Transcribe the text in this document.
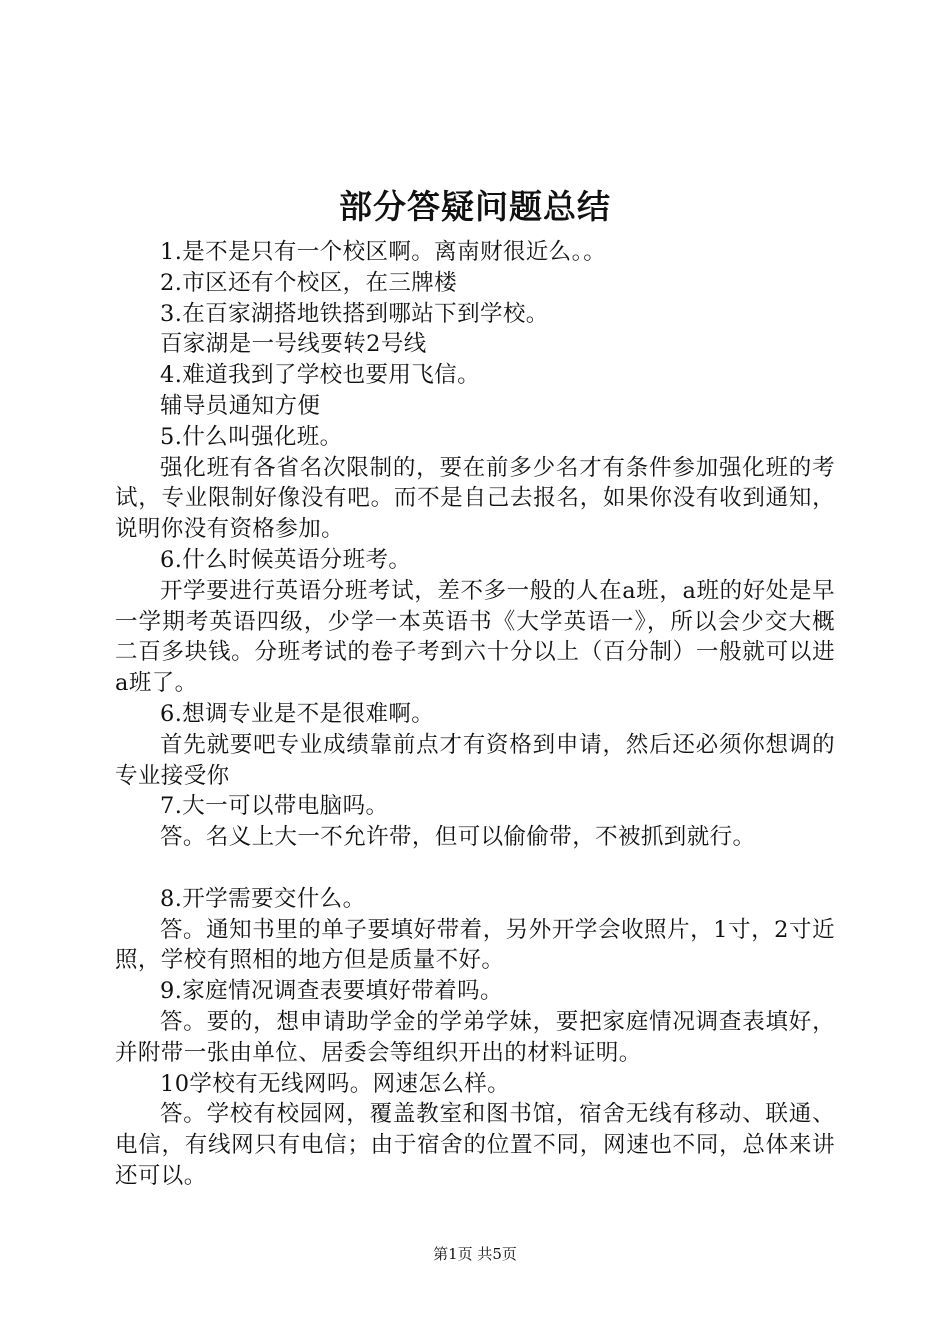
部分答疑问题总结

1.是不是只有一个校区啊。离南财很近么。。

2.市区还有个校区，在三牌楼

3.在百家湖搭地铁搭到哪站下到学校。

百家湖是一号线要转2号线

4.难道我到了学校也要用飞信。

辅导员通知方便

5.什么叫强化班。

强化班有各省名次限制的，要在前多少名才有条件参加强化班的考试，专业限制好像没有吧。而不是自己去报名，如果你没有收到通知，说明你没有资格参加。

6.什么时候英语分班考。

开学要进行英语分班考试，差不多一般的人在a班，a班的好处是早一学期考英语四级，少学一本英语书《大学英语一》，所以会少交大概二百多块钱。分班考试的卷子考到六十分以上（百分制）一般就可以进a班了。

6.想调专业是不是很难啊。

首先就要吧专业成绩靠前点才有资格到申请，然后还必须你想调的专业接受你

7.大一可以带电脑吗。

答。名义上大一不允许带，但可以偷偷带，不被抓到就行。

8.开学需要交什么。

答。通知书里的单子要填好带着，另外开学会收照片，1寸，2寸近照，学校有照相的地方但是质量不好。

9.家庭情况调查表要填好带着吗。

答。要的，想申请助学金的学弟学妹，要把家庭情况调查表填好，并附带一张由单位、居委会等组织开出的材料证明。

10学校有无线网吗。网速怎么样。

答。学校有校园网，覆盖教室和图书馆，宿舍无线有移动、联通、电信，有线网只有电信；由于宿舍的位置不同，网速也不同，总体来讲还可以。

第1页 共5页
